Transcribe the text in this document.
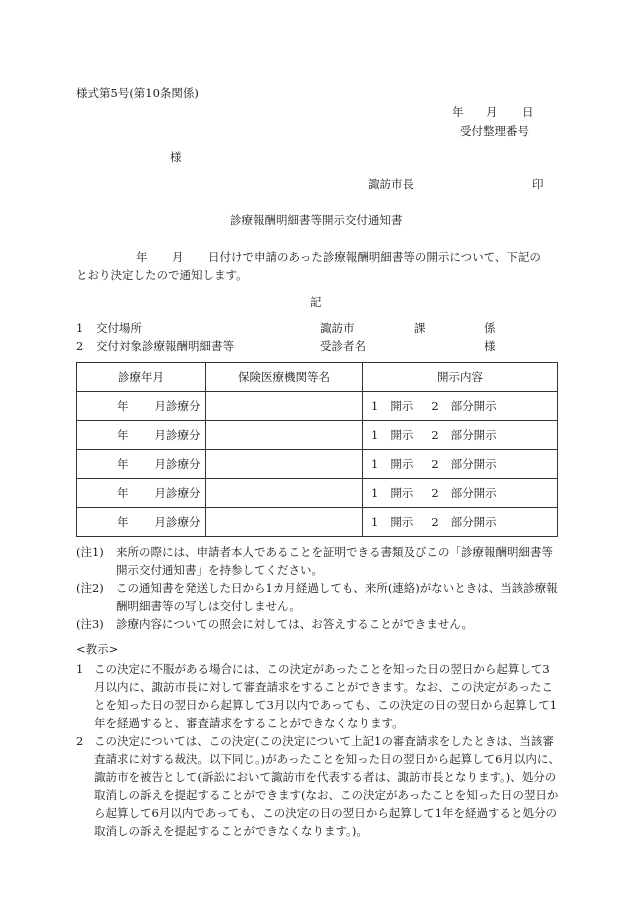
様式第5号(第10条関係)
年 月 日
受付整理番号
様
諏訪市長	印
診療報酬明細書等開示交付通知書
年 月 日付けで申請のあった診療報酬明細書等の開示について、下記の
とおり決定したので通知します。
記
1 交付場所	諏訪市	課	係
2 交付対象診療報酬明細書等	受診者名	様
診療年月	保険医療機関等名	開示内容
年 月診療分		1 開示 2 部分開示
年 月診療分		1 開示 2 部分開示
年 月診療分		1 開示 2 部分開示
年 月診療分		1 開示 2 部分開示
年 月診療分		1 開示 2 部分開示
(注1)	来所の際には、申請者本人であることを証明できる書類及びこの「診療報酬明細書等開示交付通知書」を持参してください。
(注2)	この通知書を発送した日から1カ月経過しても、来所(連絡)がないときは、当該診療報酬明細書等の写しは交付しません。
(注3)	診療内容についての照会に対しては、お答えすることができません。
<教示>
1 この決定に不服がある場合には、この決定があったことを知った日の翌日から起算して3月以内に、諏訪市長に対して審査請求をすることができます。なお、この決定があったことを知った日の翌日から起算して3月以内であっても、この決定の日の翌日から起算して1年を経過すると、審査請求をすることができなくなります。
2 この決定については、この決定(この決定について上記1の審査請求をしたときは、当該審査請求に対する裁決。以下同じ。)があったことを知った日の翌日から起算して6月以内に、諏訪市を被告として(訴訟において諏訪市を代表する者は、諏訪市長となります。)、処分の取消しの訴えを提起することができます(なお、この決定があったことを知った日の翌日から起算して6月以内であっても、この決定の日の翌日から起算して1年を経過すると処分の取消しの訴えを提起することができなくなります。)。
